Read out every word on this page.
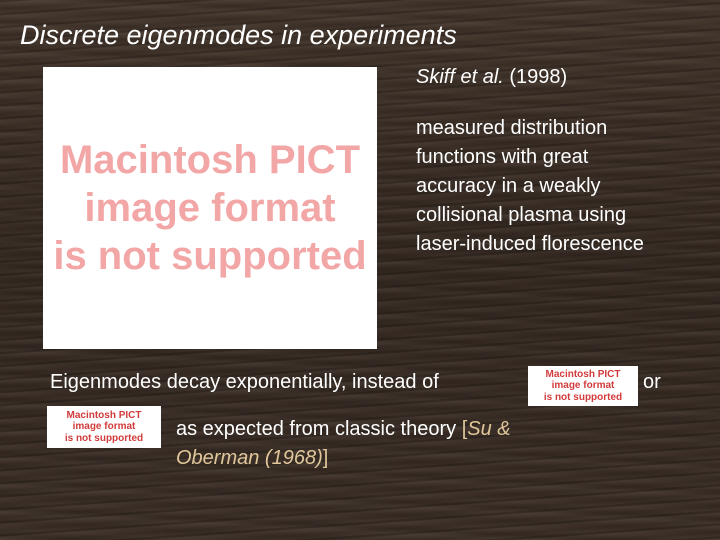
Discrete eigenmodes in experiments
Macintosh PICT
image format
is not supported
Skiff et al. (1998)
measured distribution
functions with great
accuracy in a weakly
collisional plasma using
laser-induced florescence
Eigenmodes decay exponentially, instead of	Macintosh PICT
image format
is not supported
or
Macintosh PICT
image format
is not supported as expected from classic theory [Su &
Oberman (1968)]
